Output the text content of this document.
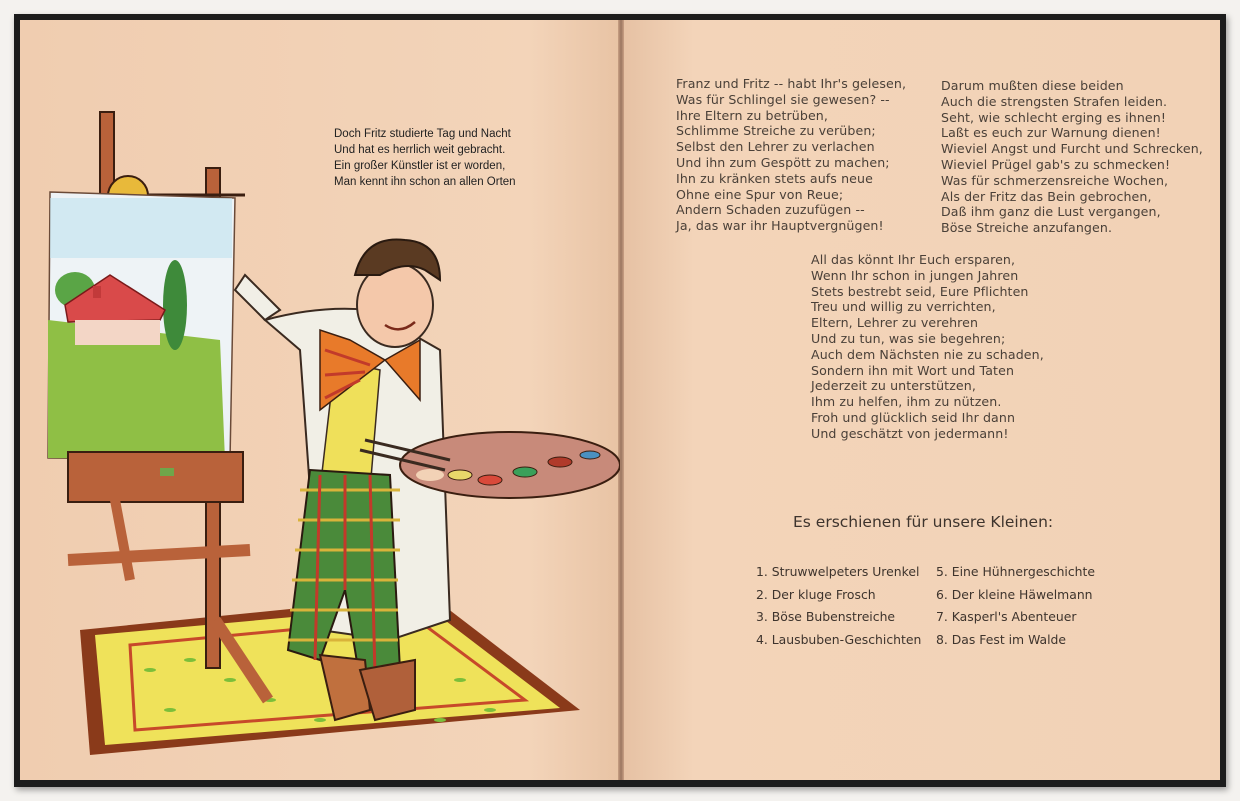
Doch Fritz studierte Tag und Nacht
Und hat es herrlich weit gebracht.
Ein großer Künstler ist er worden,
Man kennt ihn schon an allen Orten
Franz und Fritz -- habt Ihr's gelesen,
Was für Schlingel sie gewesen? --
Ihre Eltern zu betrüben,
Schlimme Streiche zu verüben;
Selbst den Lehrer zu verlachen
Und ihn zum Gespött zu machen;
Ihn zu kränken stets aufs neue
Ohne eine Spur von Reue;
Andern Schaden zuzufügen --
Ja, das war ihr Hauptvergnügen!
Darum mußten diese beiden
Auch die strengsten Strafen leiden.
Seht, wie schlecht erging es ihnen!
Laßt es euch zur Warnung dienen!
Wieviel Angst und Furcht und Schrecken,
Wieviel Prügel gab's zu schmecken!
Was für schmerzensreiche Wochen,
Als der Fritz das Bein gebrochen,
Daß ihm ganz die Lust vergangen,
Böse Streiche anzufangen.
All das könnt Ihr Euch ersparen,
Wenn Ihr schon in jungen Jahren
Stets bestrebt seid, Eure Pflichten
Treu und willig zu verrichten,
Eltern, Lehrer zu verehren
Und zu tun, was sie begehren;
Auch dem Nächsten nie zu schaden,
Sondern ihn mit Wort und Taten
Jederzeit zu unterstützen,
Ihm zu helfen, ihm zu nützen.
Froh und glücklich seid Ihr dann
Und geschätzt von jedermann!
Es erschienen für unsere Kleinen:
1. Struwwelpeters Urenkel
2. Der kluge Frosch
3. Böse Bubenstreiche
4. Lausbuben-Geschichten
5. Eine Hühnergeschichte
6. Der kleine Häwelmann
7. Kasperl's Abenteuer
8. Das Fest im Walde
